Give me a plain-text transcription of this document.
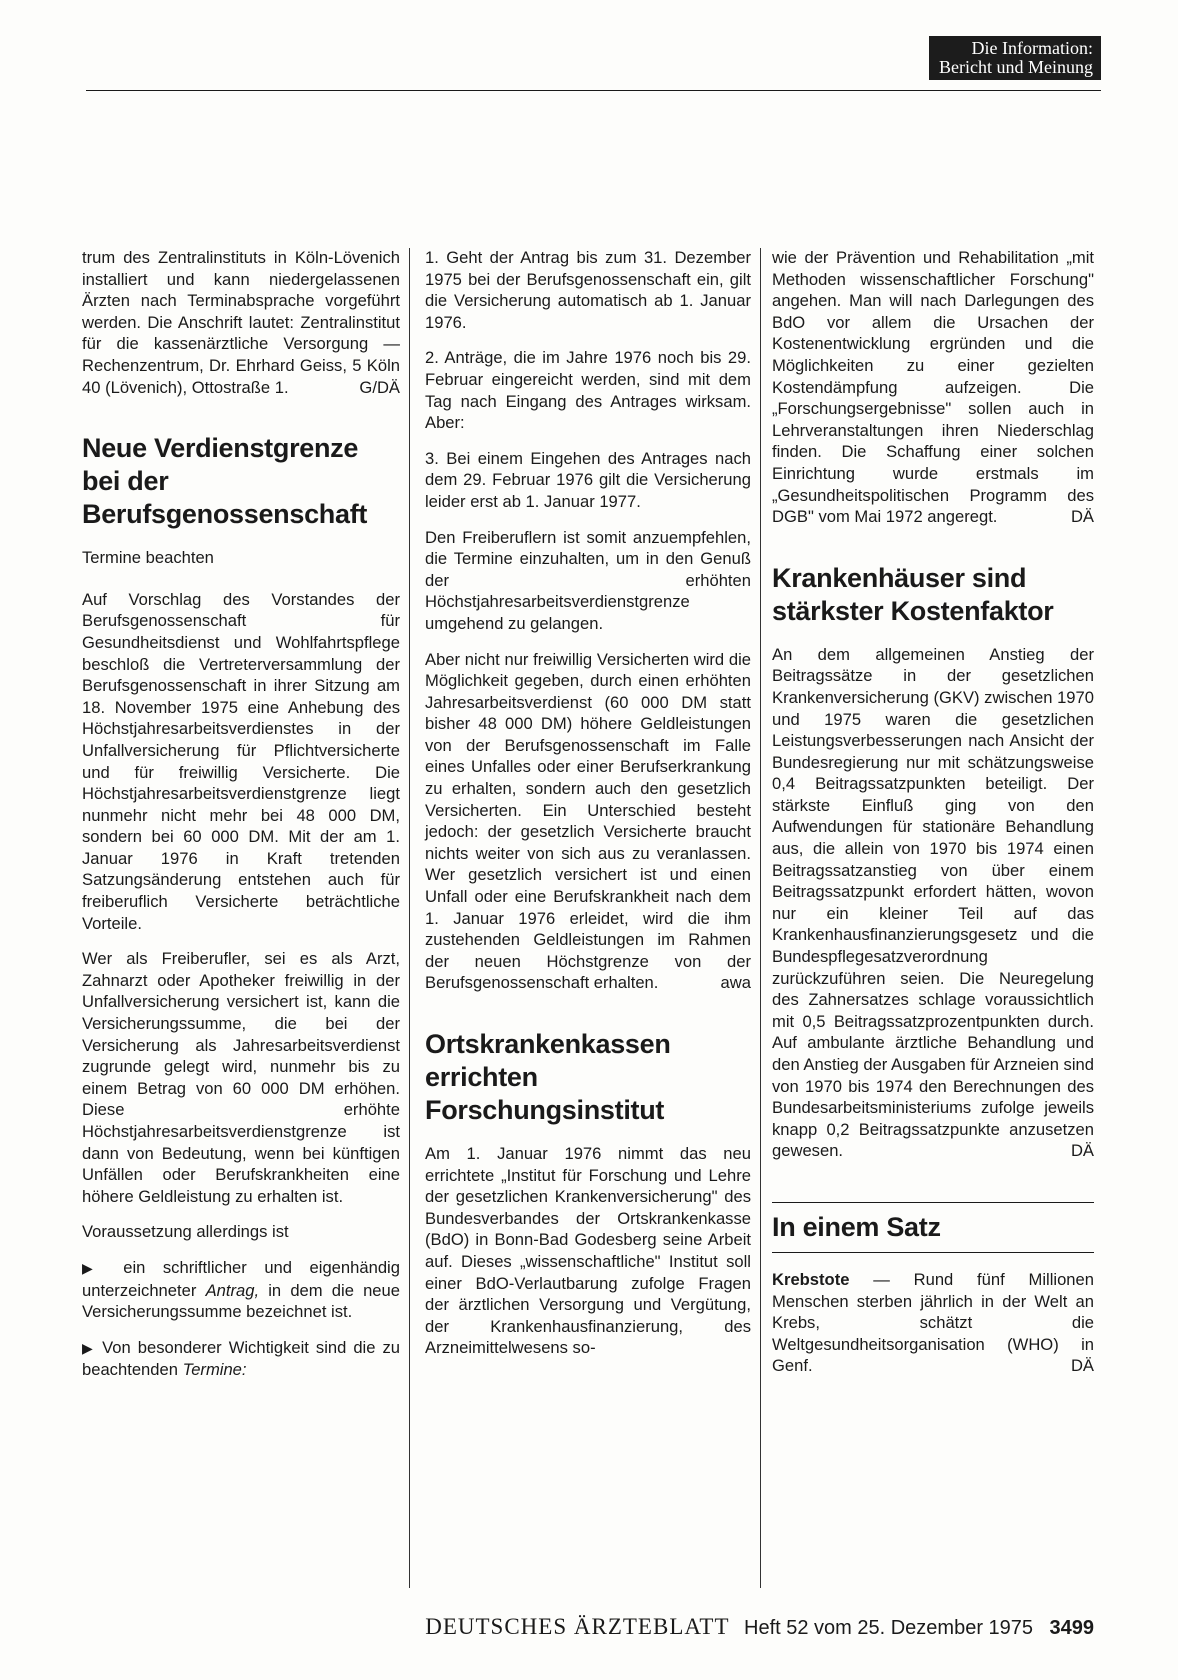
Die Information:
Bericht und Meinung

trum des Zentralinstituts in Köln-Lövenich installiert und kann niedergelassenen Ärzten nach Terminabsprache vorgeführt werden. Die Anschrift lautet: Zentralinstitut für die kassenärztliche Versorgung — Rechenzentrum, Dr. Ehrhard Geiss, 5 Köln 40 (Lövenich), Ottostraße 1.	G/DÄ

Neue Verdienstgrenze bei der Berufsgenossenschaft

Termine beachten

Auf Vorschlag des Vorstandes der Berufsgenossenschaft für Gesundheitsdienst und Wohlfahrtspflege beschloß die Vertreterversammlung der Berufsgenossenschaft in ihrer Sitzung am 18. November 1975 eine Anhebung des Höchstjahresarbeitsverdienstes in der Unfallversicherung für Pflichtversicherte und für freiwillig Versicherte. Die Höchstjahresarbeitsverdienstgrenze liegt nunmehr nicht mehr bei 48 000 DM, sondern bei 60 000 DM. Mit der am 1. Januar 1976 in Kraft tretenden Satzungsänderung entstehen auch für freiberuflich Versicherte beträchtliche Vorteile.

Wer als Freiberufler, sei es als Arzt, Zahnarzt oder Apotheker freiwillig in der Unfallversicherung versichert ist, kann die Versicherungssumme, die bei der Versicherung als Jahresarbeitsverdienst zugrunde gelegt wird, nunmehr bis zu einem Betrag von 60 000 DM erhöhen. Diese erhöhte Höchstjahresarbeitsverdienstgrenze ist dann von Bedeutung, wenn bei künftigen Unfällen oder Berufskrankheiten eine höhere Geldleistung zu erhalten ist.

Voraussetzung allerdings ist

▶ ein schriftlicher und eigenhändig unterzeichneter Antrag, in dem die neue Versicherungssumme bezeichnet ist.

▶ Von besonderer Wichtigkeit sind die zu beachtenden Termine:

1. Geht der Antrag bis zum 31. Dezember 1975 bei der Berufsgenossenschaft ein, gilt die Versicherung automatisch ab 1. Januar 1976.

2. Anträge, die im Jahre 1976 noch bis 29. Februar eingereicht werden, sind mit dem Tag nach Eingang des Antrages wirksam. Aber:

3. Bei einem Eingehen des Antrages nach dem 29. Februar 1976 gilt die Versicherung leider erst ab 1. Januar 1977.

Den Freiberuflern ist somit anzuempfehlen, die Termine einzuhalten, um in den Genuß der erhöhten Höchstjahresarbeitsverdienstgrenze umgehend zu gelangen.

Aber nicht nur freiwillig Versicherten wird die Möglichkeit gegeben, durch einen erhöhten Jahresarbeitsverdienst (60 000 DM statt bisher 48 000 DM) höhere Geldleistungen von der Berufsgenossenschaft im Falle eines Unfalles oder einer Berufserkrankung zu erhalten, sondern auch den gesetzlich Versicherten. Ein Unterschied besteht jedoch: der gesetzlich Versicherte braucht nichts weiter von sich aus zu veranlassen. Wer gesetzlich versichert ist und einen Unfall oder eine Berufskrankheit nach dem 1. Januar 1976 erleidet, wird die ihm zustehenden Geldleistungen im Rahmen der neuen Höchstgrenze von der Berufsgenossenschaft erhalten.	awa

Ortskrankenkassen errichten Forschungsinstitut

Am 1. Januar 1976 nimmt das neu errichtete „Institut für Forschung und Lehre der gesetzlichen Krankenversicherung" des Bundesverbandes der Ortskrankenkasse (BdO) in Bonn-Bad Godesberg seine Arbeit auf. Dieses „wissenschaftliche" Institut soll einer BdO-Verlautbarung zufolge Fragen der ärztlichen Versorgung und Vergütung, der Krankenhausfinanzierung, des Arzneimittelwesens so-

wie der Prävention und Rehabilitation „mit Methoden wissenschaftlicher Forschung" angehen. Man will nach Darlegungen des BdO vor allem die Ursachen der Kostenentwicklung ergründen und die Möglichkeiten zu einer gezielten Kostendämpfung aufzeigen. Die „Forschungsergebnisse" sollen auch in Lehrveranstaltungen ihren Niederschlag finden. Die Schaffung einer solchen Einrichtung wurde erstmals im „Gesundheitspolitischen Programm des DGB" vom Mai 1972 angeregt.	DÄ

Krankenhäuser sind stärkster Kostenfaktor

An dem allgemeinen Anstieg der Beitragssätze in der gesetzlichen Krankenversicherung (GKV) zwischen 1970 und 1975 waren die gesetzlichen Leistungsverbesserungen nach Ansicht der Bundesregierung nur mit schätzungsweise 0,4 Beitragssatzpunkten beteiligt. Der stärkste Einfluß ging von den Aufwendungen für stationäre Behandlung aus, die allein von 1970 bis 1974 einen Beitragssatzanstieg von über einem Beitragssatzpunkt erfordert hätten, wovon nur ein kleiner Teil auf das Krankenhausfinanzierungsgesetz und die Bundespflegesatzverordnung zurückzuführen seien. Die Neuregelung des Zahnersatzes schlage voraussichtlich mit 0,5 Beitragssatzprozentpunkten durch. Auf ambulante ärztliche Behandlung und den Anstieg der Ausgaben für Arzneien sind von 1970 bis 1974 den Berechnungen des Bundesarbeitsministeriums zufolge jeweils knapp 0,2 Beitragssatzpunkte anzusetzen gewesen.	DÄ

In einem Satz

Krebstote — Rund fünf Millionen Menschen sterben jährlich in der Welt an Krebs, schätzt die Weltgesundheitsorganisation (WHO) in Genf.	DÄ

DEUTSCHES ÄRZTEBLATT Heft 52 vom 25. Dezember 1975 3499
